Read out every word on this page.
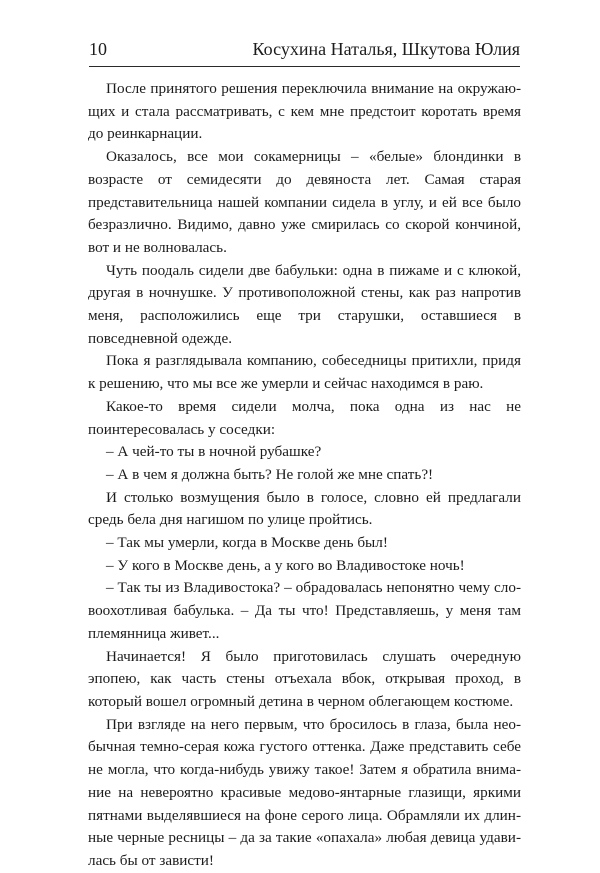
10	Косухина Наталья, Шкутова Юлия

После принятого решения переключила внимание на окружающих и стала рассматривать, с кем мне предстоит коротать время до реинкарнации.

Оказалось, все мои сокамерницы – «белые» блондинки в возрасте от семидесяти до девяноста лет. Самая старая представительница нашей компании сидела в углу, и ей все было безразлично. Видимо, давно уже смирилась со скорой кончиной, вот и не волновалась.

Чуть поодаль сидели две бабульки: одна в пижаме и с клюкой, другая в ночнушке. У противоположной стены, как раз напротив меня, расположились еще три старушки, оставшиеся в повседневной одежде.

Пока я разглядывала компанию, собеседницы притихли, придя к решению, что мы все же умерли и сейчас находимся в раю.

Какое-то время сидели молча, пока одна из нас не поинтересовалась у соседки:

– А чей-то ты в ночной рубашке?

– А в чем я должна быть? Не голой же мне спать?!

И столько возмущения было в голосе, словно ей предлагали средь бела дня нагишом по улице пройтись.

– Так мы умерли, когда в Москве день был!

– У кого в Москве день, а у кого во Владивостоке ночь!

– Так ты из Владивостока? – обрадовалась непонятно чему словоохотливая бабулька. – Да ты что! Представляешь, у меня там племянница живет...

Начинается! Я было приготовилась слушать очередную эпопею, как часть стены отъехала вбок, открывая проход, в который вошел огромный детина в черном облегающем костюме.

При взгляде на него первым, что бросилось в глаза, была необычная темно-серая кожа густого оттенка. Даже представить себе не могла, что когда-нибудь увижу такое! Затем я обратила внимание на невероятно красивые медово-янтарные глазищи, яркими пятнами выделявшиеся на фоне серого лица. Обрамляли их длинные черные ресницы – да за такие «опахала» любая девица удавилась бы от зависти!
